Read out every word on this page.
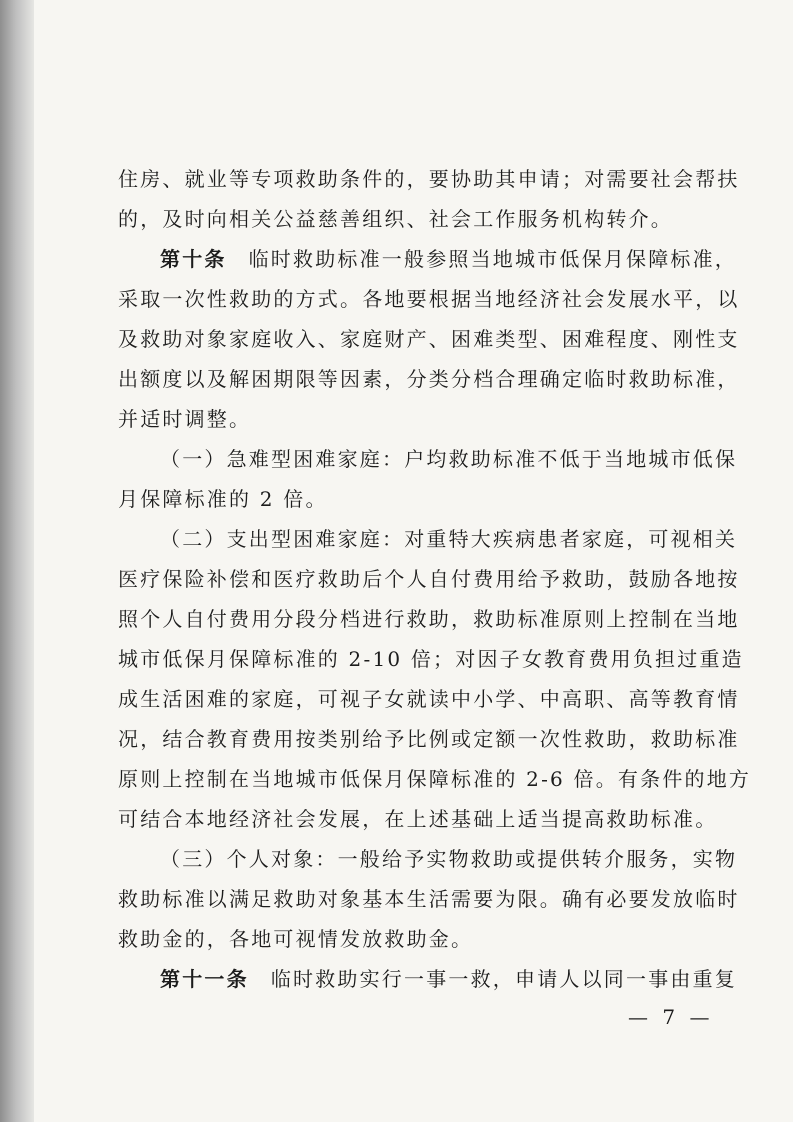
住房、就业等专项救助条件的，要协助其申请；对需要社会帮扶
的，及时向相关公益慈善组织、社会工作服务机构转介。
第十条 临时救助标准一般参照当地城市低保月保障标准，
采取一次性救助的方式。各地要根据当地经济社会发展水平，以
及救助对象家庭收入、家庭财产、困难类型、困难程度、刚性支
出额度以及解困期限等因素，分类分档合理确定临时救助标准，
并适时调整。
（一）急难型困难家庭：户均救助标准不低于当地城市低保
月保障标准的 2 倍。
（二）支出型困难家庭：对重特大疾病患者家庭，可视相关
医疗保险补偿和医疗救助后个人自付费用给予救助，鼓励各地按
照个人自付费用分段分档进行救助，救助标准原则上控制在当地
城市低保月保障标准的 2-10 倍；对因子女教育费用负担过重造
成生活困难的家庭，可视子女就读中小学、中高职、高等教育情
况，结合教育费用按类别给予比例或定额一次性救助，救助标准
原则上控制在当地城市低保月保障标准的 2-6 倍。有条件的地方
可结合本地经济社会发展，在上述基础上适当提高救助标准。
（三）个人对象：一般给予实物救助或提供转介服务，实物
救助标准以满足救助对象基本生活需要为限。确有必要发放临时
救助金的，各地可视情发放救助金。
第十一条 临时救助实行一事一救，申请人以同一事由重复
— 7 —
